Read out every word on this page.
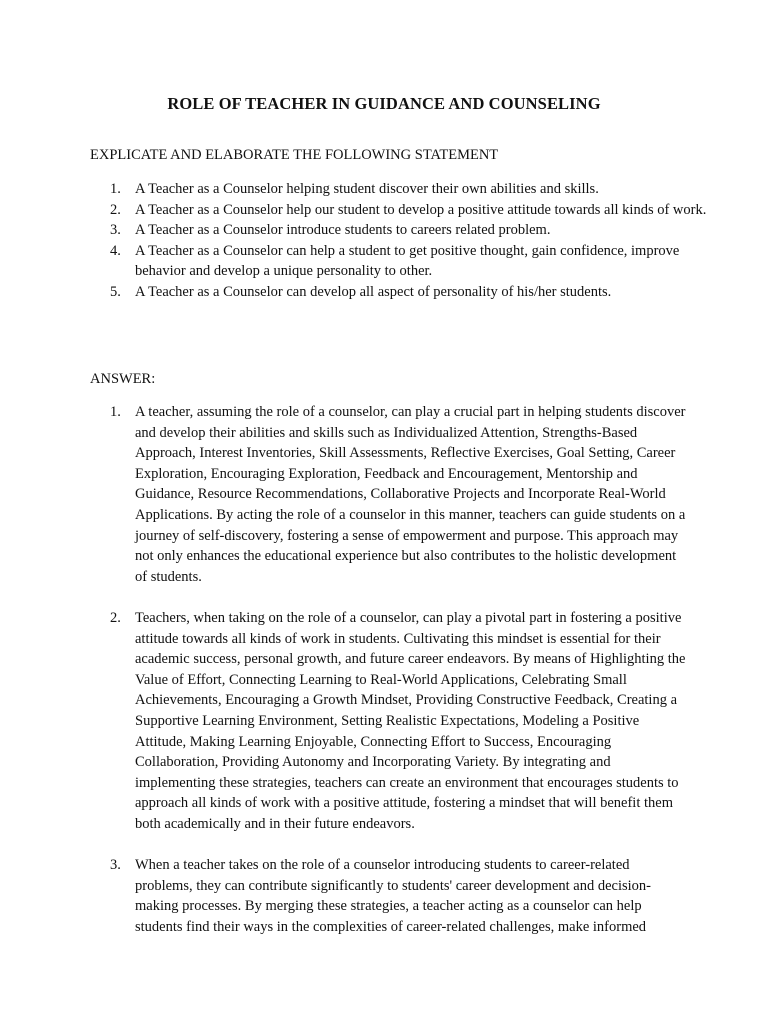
ROLE OF TEACHER IN GUIDANCE AND COUNSELING
EXPLICATE AND ELABORATE THE FOLLOWING STATEMENT
1. A Teacher as a Counselor helping student discover their own abilities and skills.
2. A Teacher as a Counselor help our student to develop a positive attitude towards all kinds of work.
3. A Teacher as a Counselor introduce students to careers related problem.
4. A Teacher as a Counselor can help a student to get positive thought, gain confidence, improve behavior and develop a unique personality to other.
5. A Teacher as a Counselor can develop all aspect of personality of his/her students.
ANSWER:
1. A teacher, assuming the role of a counselor, can play a crucial part in helping students discover and develop their abilities and skills such as Individualized Attention, Strengths-Based Approach, Interest Inventories, Skill Assessments, Reflective Exercises, Goal Setting, Career Exploration, Encouraging Exploration, Feedback and Encouragement, Mentorship and Guidance, Resource Recommendations, Collaborative Projects and Incorporate Real-World Applications. By acting the role of a counselor in this manner, teachers can guide students on a journey of self-discovery, fostering a sense of empowerment and purpose. This approach may not only enhances the educational experience but also contributes to the holistic development of students.
2. Teachers, when taking on the role of a counselor, can play a pivotal part in fostering a positive attitude towards all kinds of work in students. Cultivating this mindset is essential for their academic success, personal growth, and future career endeavors. By means of Highlighting the Value of Effort, Connecting Learning to Real-World Applications, Celebrating Small Achievements, Encouraging a Growth Mindset, Providing Constructive Feedback, Creating a Supportive Learning Environment, Setting Realistic Expectations, Modeling a Positive Attitude, Making Learning Enjoyable, Connecting Effort to Success, Encouraging Collaboration, Providing Autonomy and Incorporating Variety. By integrating and implementing these strategies, teachers can create an environment that encourages students to approach all kinds of work with a positive attitude, fostering a mindset that will benefit them both academically and in their future endeavors.
3. When a teacher takes on the role of a counselor introducing students to career-related problems, they can contribute significantly to students' career development and decision-making processes. By merging these strategies, a teacher acting as a counselor can help students find their ways in the complexities of career-related challenges, make informed
